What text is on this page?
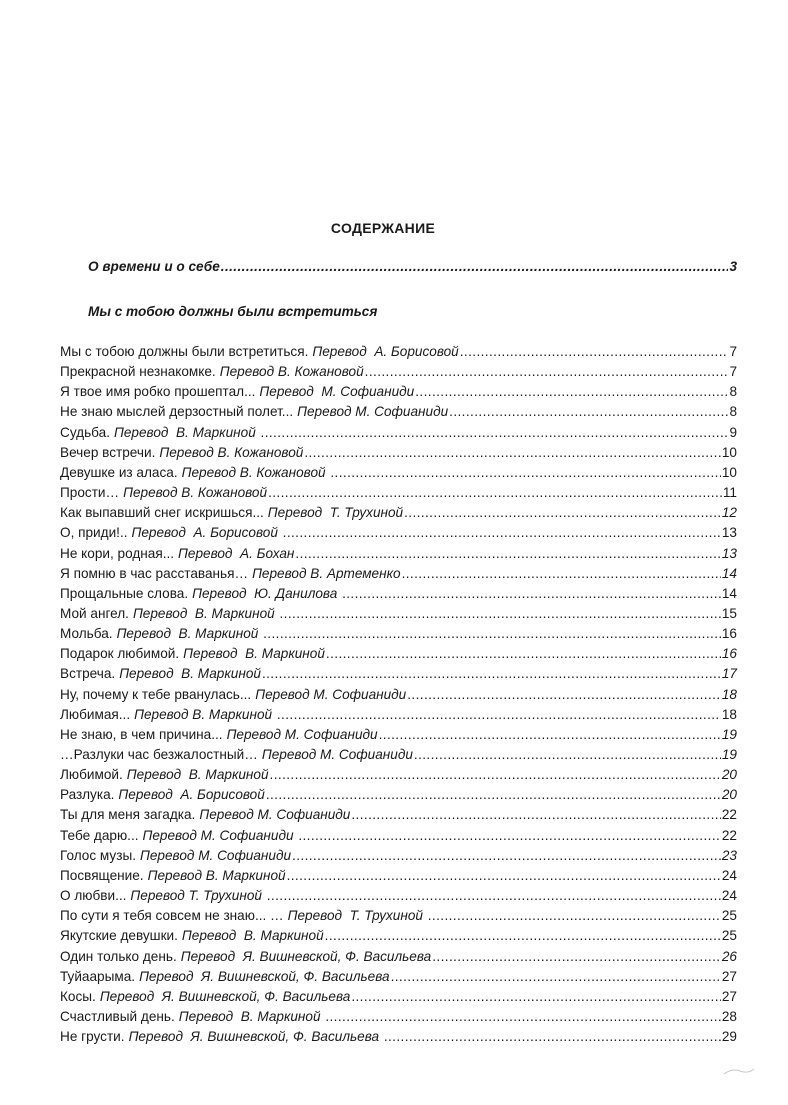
СОДЕРЖАНИЕ
О времени и о себе .....	3
Мы с тобою должны были встретиться
Мы с тобою должны были встретиться. Перевод  А. Борисовой .....	7
Прекрасной незнакомке. Перевод В. Кожановой .....	7
Я твое имя робко прошептал... Перевод  М. Софианиди .....	8
Не знаю мыслей дерзостный полет... Перевод М. Софианиди .....	8
Судьба. Перевод  В. Маркиной .....	9
Вечер встречи. Перевод В. Кожановой .....	10
Девушке из аласа. Перевод В. Кожановой .....	10
Прости… Перевод В. Кожановой .....	11
Как выпавший снег искришься... Перевод  Т. Трухиной .....	12
О, приди!.. Перевод  А. Борисовой .....	13
Не кори, родная... Перевод  А. Бохан .....	13
Я помню в час расставанья… Перевод В. Артеменко .....	14
Прощальные слова. Перевод  Ю. Данилова .....	14
Мой ангел. Перевод  В. Маркиной .....	15
Мольба. Перевод  В. Маркиной .....	16
Подарок любимой. Перевод  В. Маркиной .....	16
Встреча. Перевод  В. Маркиной .....	17
Ну, почему к тебе рванулась... Перевод М. Софианиди .....	18
Любимая... Перевод В. Маркиной .....	18
Не знаю, в чем причина... Перевод М. Софианиди .....	19
…Разлуки час безжалостный… Перевод М. Софианиди .....	19
Любимой. Перевод  В. Маркиной .....	20
Разлука. Перевод  А. Борисовой .....	20
Ты для меня загадка. Перевод М. Софианиди .....	22
Тебе дарю... Перевод М. Софианиди .....	22
Голос музы. Перевод М. Софианиди .....	23
Посвящение. Перевод В. Маркиной .....	24
О любви... Перевод Т. Трухиной .....	24
По сути я тебя совсем не знаю... … Перевод  Т. Трухиной .....	25
Якутские девушки. Перевод  В. Маркиной .....	25
Один только день. Перевод  Я. Вишневской, Ф. Васильева .....	26
Туйаарыма. Перевод  Я. Вишневской, Ф. Васильева .....	27
Косы. Перевод  Я. Вишневской, Ф. Васильева .....	27
Счастливый день. Перевод  В. Маркиной .....	28
Не грусти. Перевод  Я. Вишневской, Ф. Васильева .....	29
